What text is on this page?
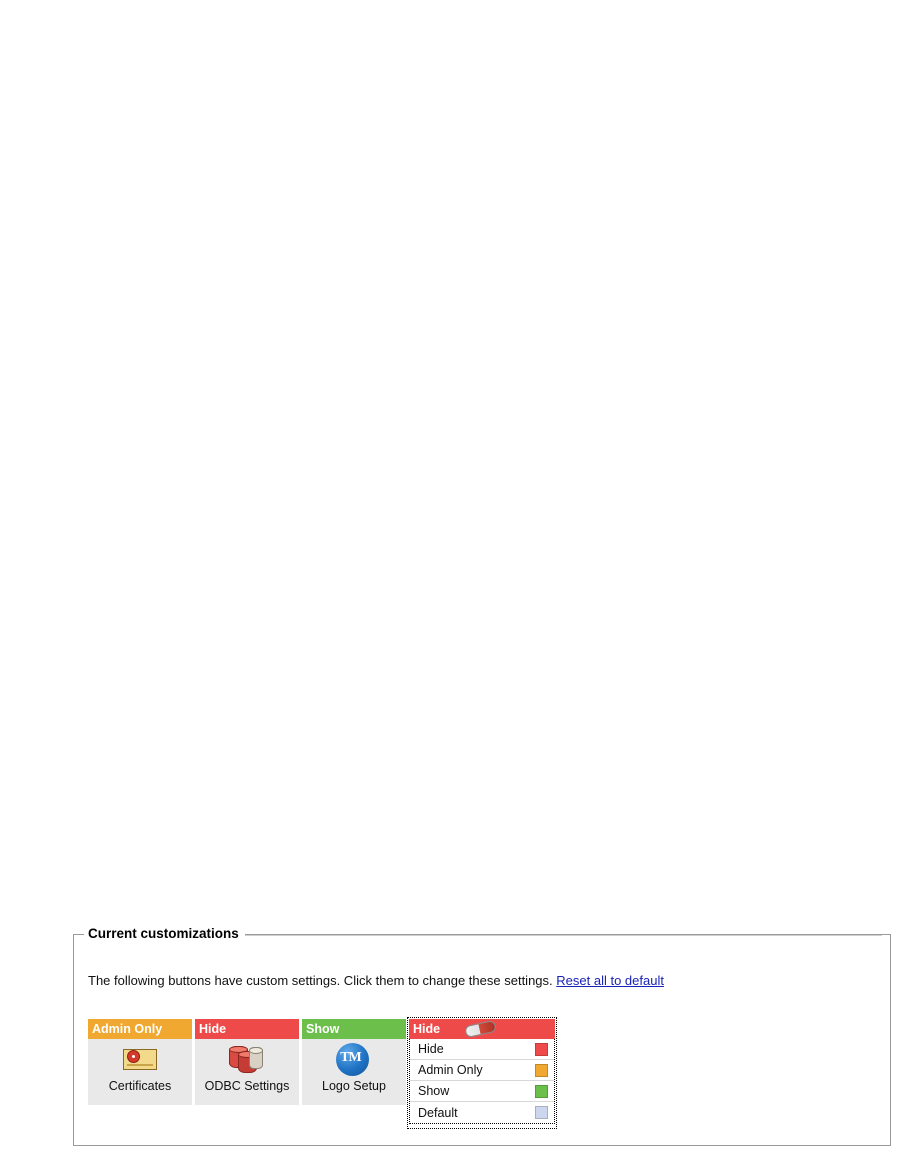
Current customizations
The following buttons have custom settings. Click them to change these settings. Reset all to default
Admin Only
Certificates
Hide
ODBC Settings
Show
TM
Logo Setup
Hide
Hide
Admin Only
Show
Default
